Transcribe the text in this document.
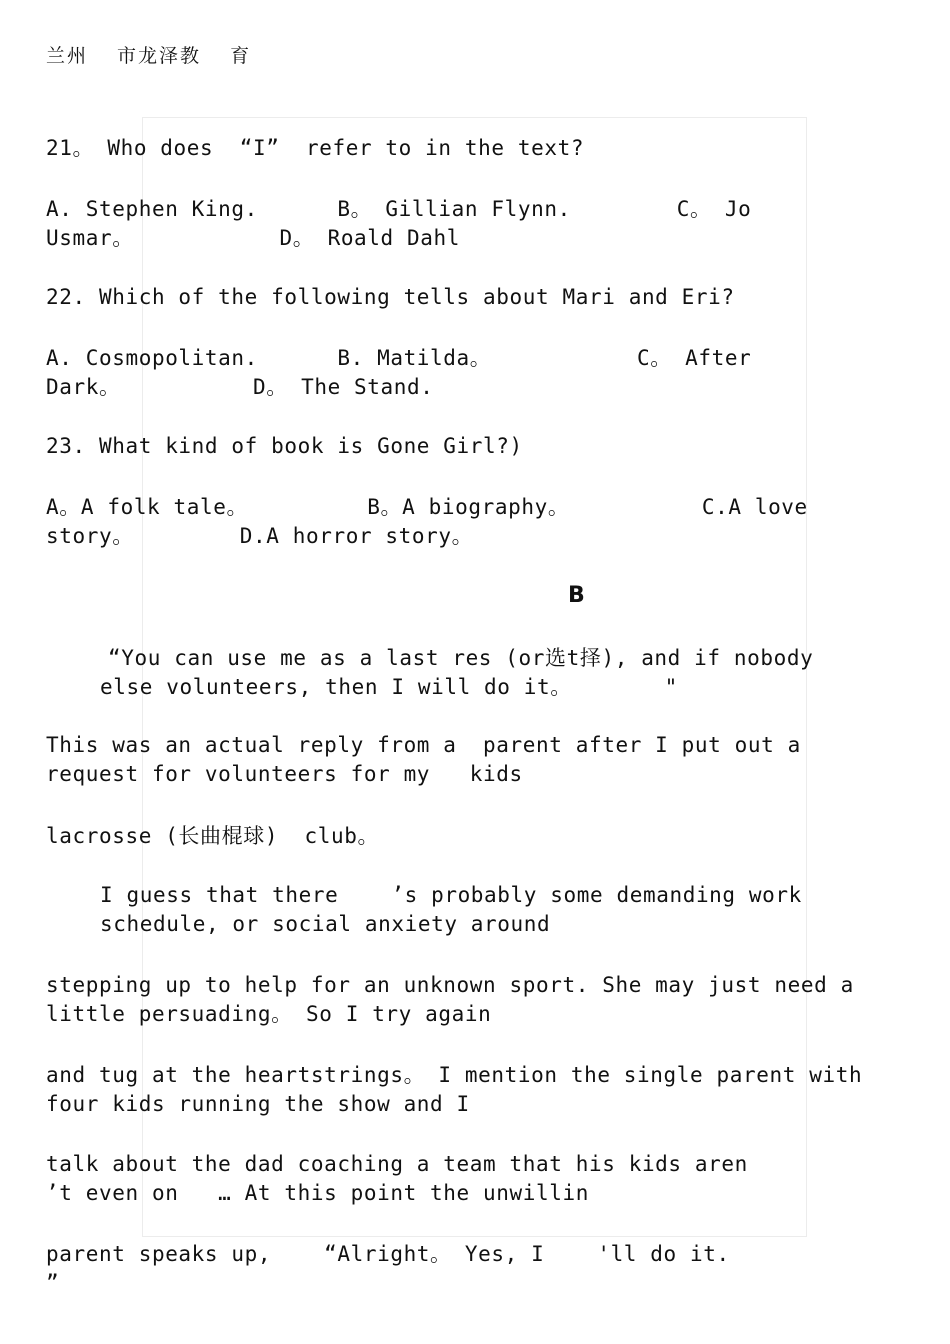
兰州　 市龙泽教　 育
21。 Who does  “I”  refer to in the text?
A. Stephen King.      B。 Gillian Flynn.        C。 Jo
Usmar。           D。 Roald Dahl
22. Which of the following tells about Mari and Eri?
A. Cosmopolitan.      B. Matilda。           C。 After
Dark。          D。 The Stand.
23. What kind of book is Gone Girl?)
A。A folk tale。         B。A biography。          C.A love
story。        D.A horror story。
B
“You can use me as a last res (or选t择), and if nobody
else volunteers, then I will do it。       "
This was an actual reply from a  parent after I put out a
request for volunteers for my   kids
lacrosse (长曲棍球)  club。
I guess that there    ’s probably some demanding work
schedule, or social anxiety around
stepping up to help for an unknown sport. She may just need a
little persuading。 So I try again
and tug at the heartstrings。 I mention the single parent with
four kids running the show and I
talk about the dad coaching a team that his kids aren
’t even on   … At this point the unwillin
parent speaks up,    “Alright。 Yes, I    'll do it.
”
